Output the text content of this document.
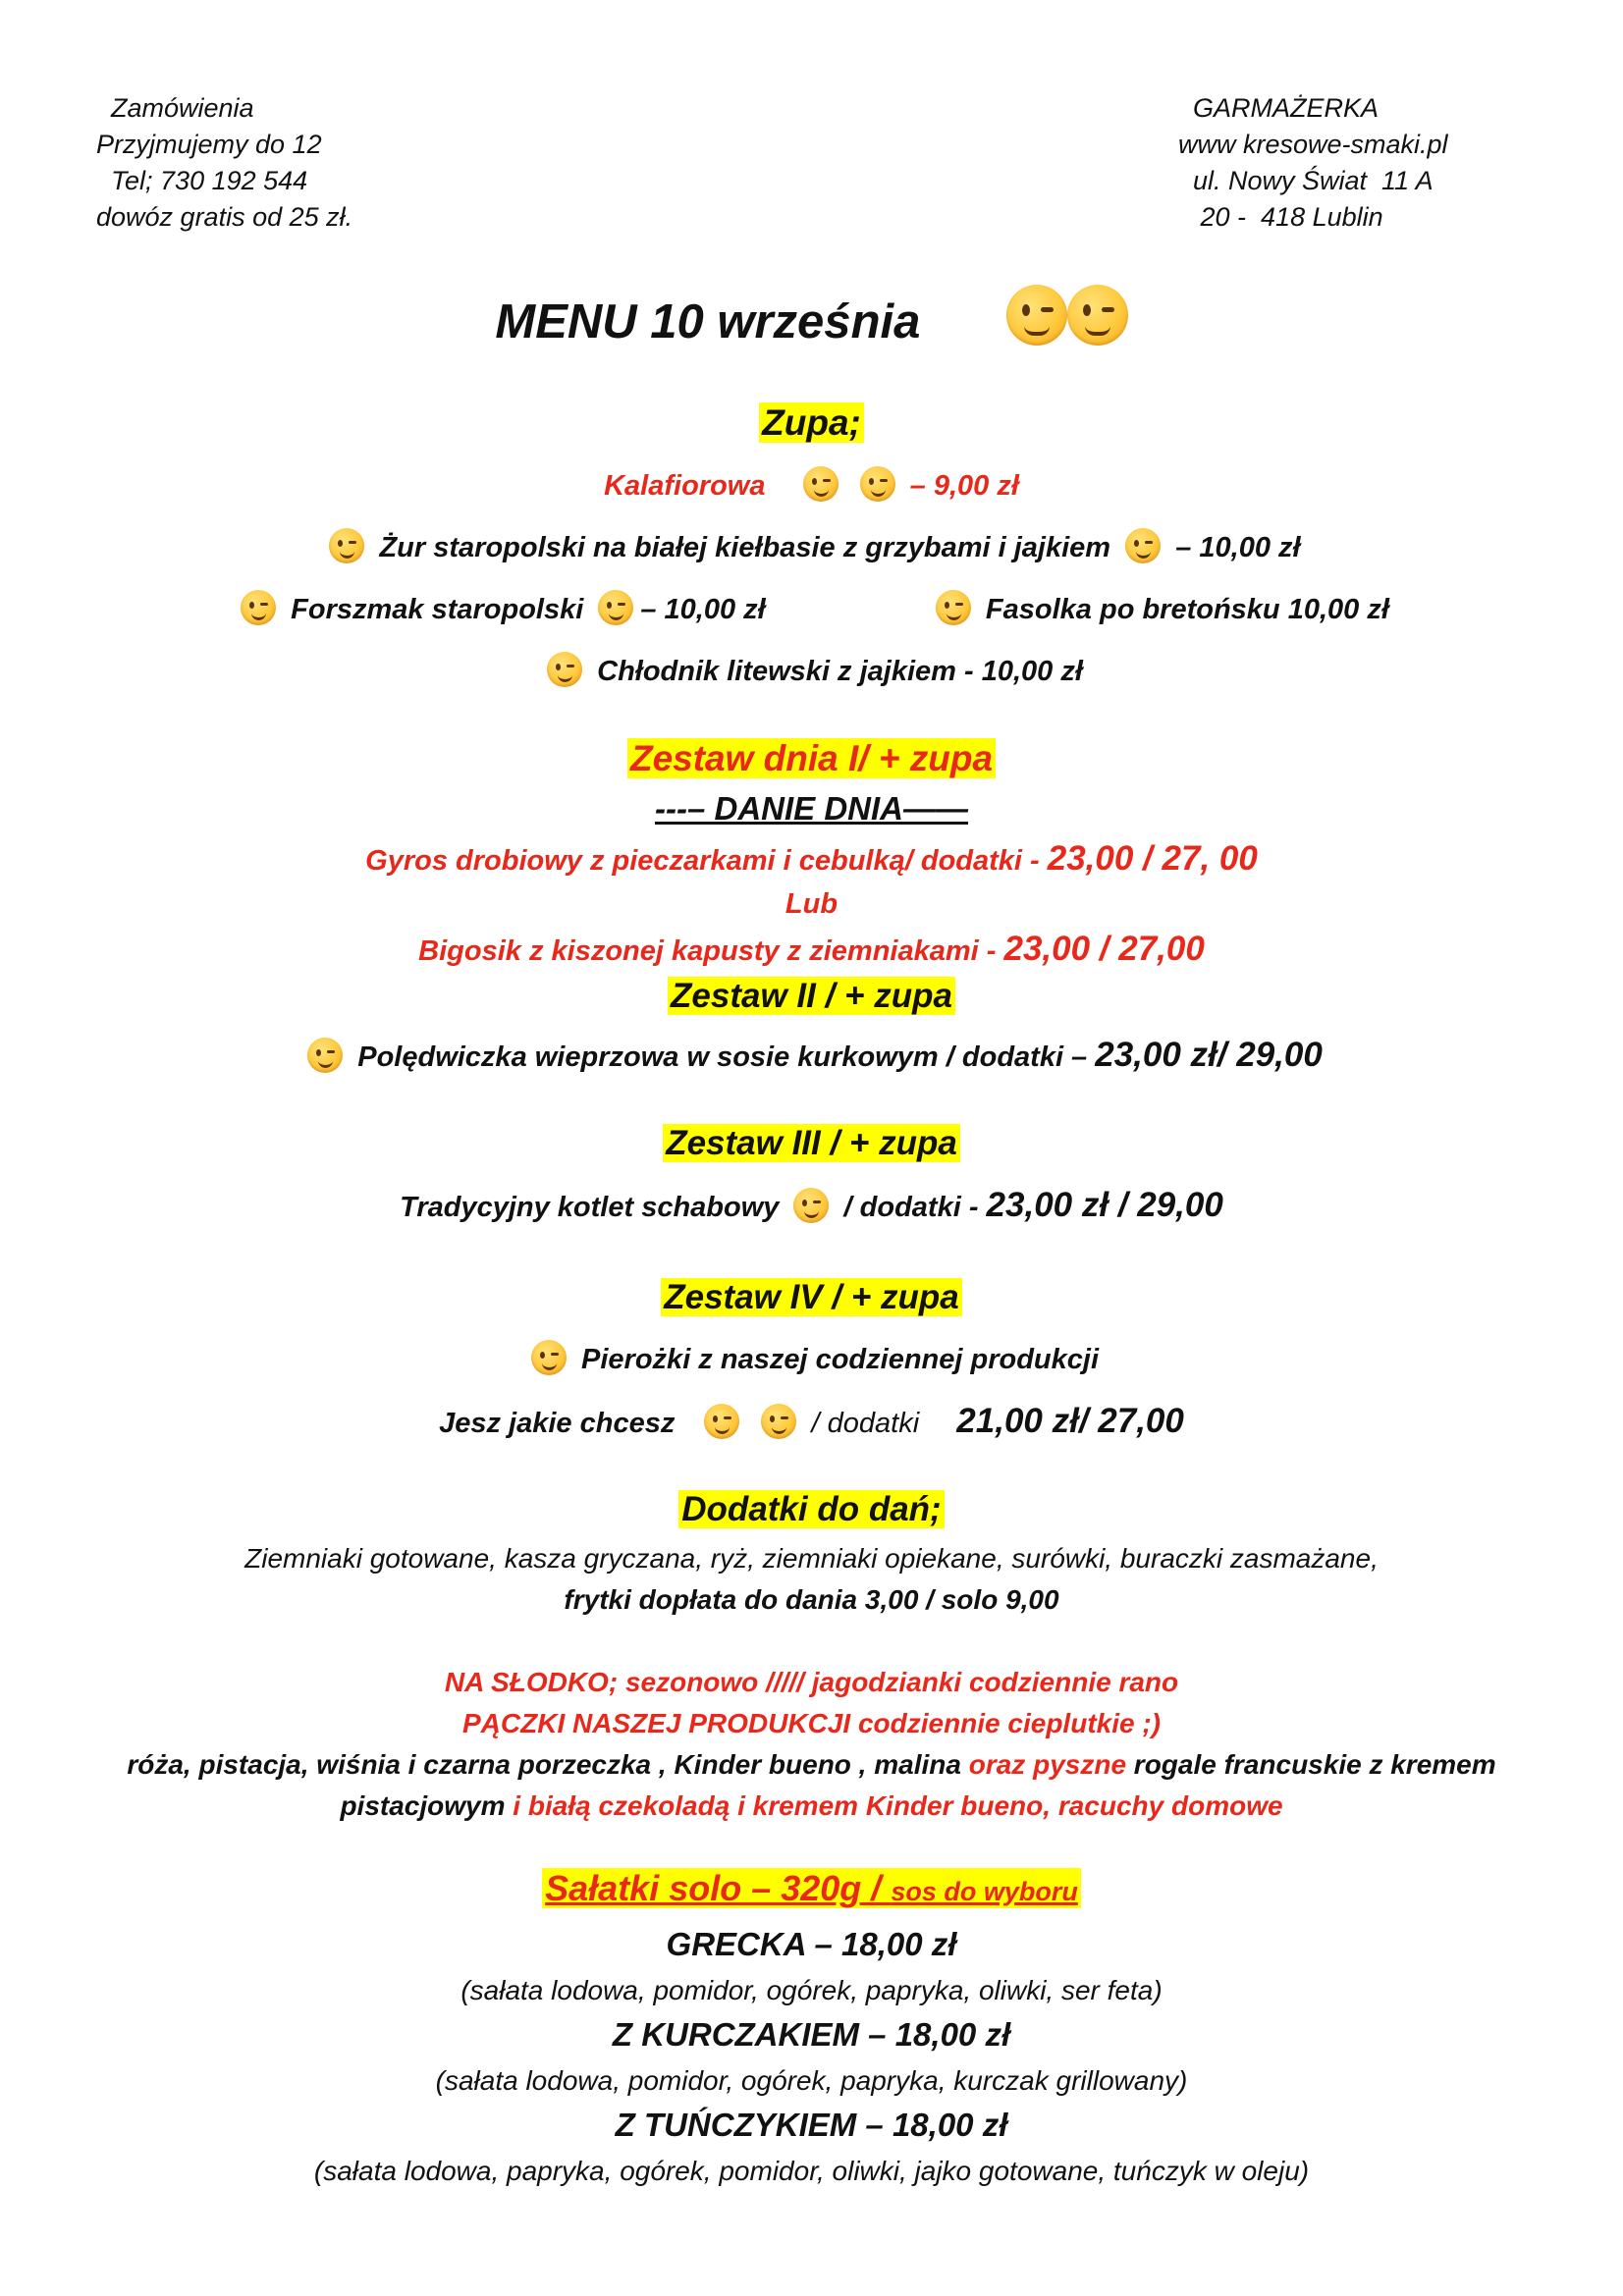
Zamówienia
Przyjmujemy do 12
Tel; 730 192 544
dowóz gratis od 25 zł.
GARMAŻERKA
www kresowe-smaki.pl
ul. Nowy Świat  11 A
20 -  418 Lublin
MENU 10 września
Zupa;
Kalafiorowa
	– 9,00 zł
Żur staropolski na białej kiełbasie z grzybami i jajkiem – 10,00 zł
Forszmak staropolski – 10,00 zł	Fasolka po bretońsku 10,00 zł
Chłodnik litewski z jajkiem - 10,00 zł
Zestaw dnia I/ + zupa
---– DANIE DNIA——
Gyros drobiowy z pieczarkami i cebulką/ dodatki - 23,00 / 27, 00
Lub
Bigosik z kiszonej kapusty z ziemniakami - 23,00 / 27,00
Zestaw II / + zupa
Polędwiczka wieprzowa w sosie kurkowym / dodatki – 23,00 zł/ 29,00
Zestaw III / + zupa
Tradycyjny kotlet schabowy
/ dodatki - 23,00 zł / 29,00
Zestaw IV / + zupa
Pierożki z naszej codziennej produkcji
Jesz jakie chcesz
	/ dodatki 21,00 zł/ 27,00
Dodatki do dań;
Ziemniaki gotowane, kasza gryczana, ryż, ziemniaki opiekane, surówki, buraczki zasmażane,
frytki dopłata do dania 3,00 / solo 9,00
NA SŁODKO; sezonowo ///// jagodzianki codziennie rano
PĄCZKI NASZEJ PRODUKCJI codziennie cieplutkie ;)
róża, pistacja, wiśnia i czarna porzeczka , Kinder bueno , malina oraz pyszne rogale francuskie z kremem
pistacjowym i białą czekoladą i kremem Kinder bueno, racuchy domowe
Sałatki solo – 320g / sos do wyboru
GRECKA – 18,00 zł
(sałata lodowa, pomidor, ogórek, papryka, oliwki, ser feta)
Z KURCZAKIEM – 18,00 zł
(sałata lodowa, pomidor, ogórek, papryka, kurczak grillowany)
Z TUŃCZYKIEM – 18,00 zł
(sałata lodowa, papryka, ogórek, pomidor, oliwki, jajko gotowane, tuńczyk w oleju)
